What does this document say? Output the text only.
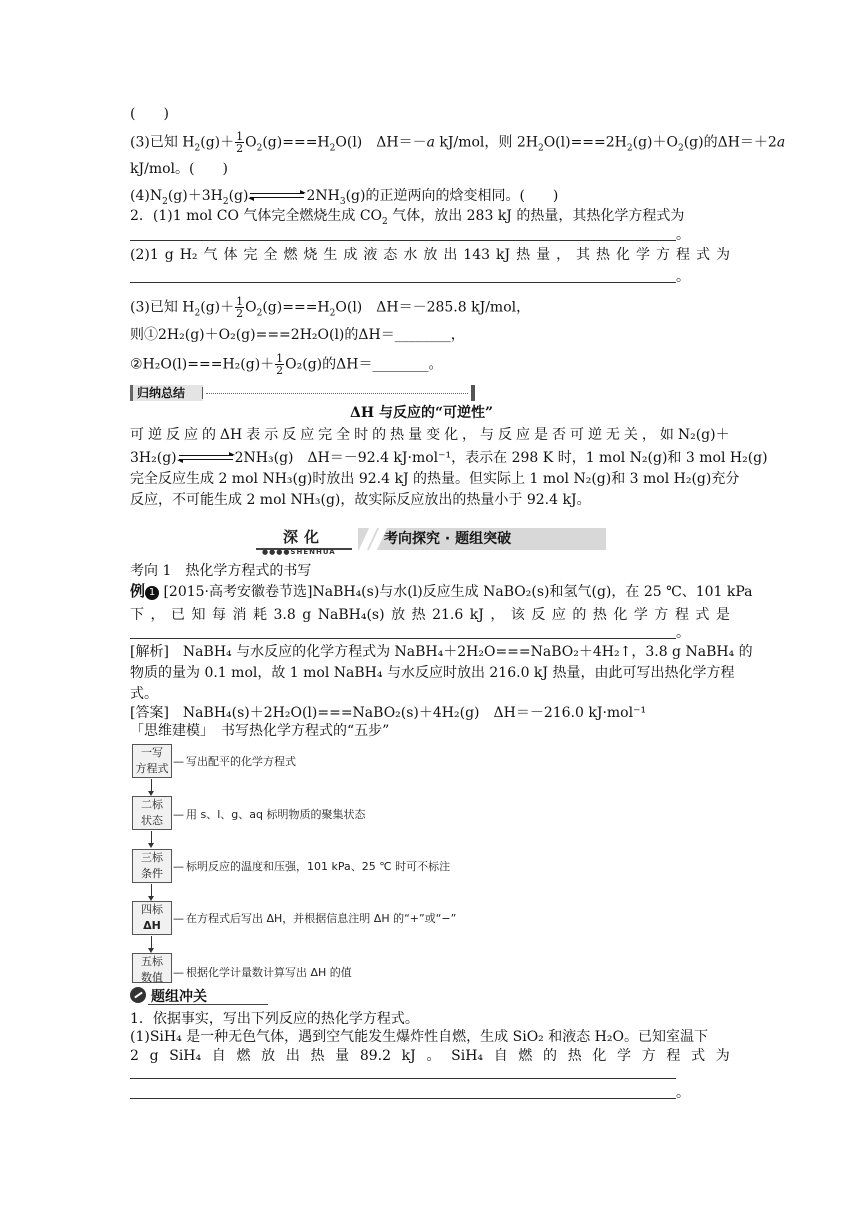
(　　)
(3)已知 $H_2(g)+ \frac{1}{2} O_2(g)===H_2O(l)$　ΔH＝－a kJ/mol，则 $2H_2O(l)===2H_2(g)+O_2(g)$的ΔH＝＋2a
kJ/mol。(　　)
$(4)N_2(g)+3H_2(g)$	$2NH_3(g)$的正逆两向的焓变相同。(　　)
2．(1)1 mol CO 气体完全燃烧生成 $CO_2$ 气体，放出 283 kJ 的热量，其热化学方程式为
。
(2)1 g H₂ 气 体 完 全 燃 烧 生 成 液 态 水 放 出 143 kJ 热 量 ， 其 热 化 学 方 程 式 为
。
(3)已知 $H_2(g)+ \frac{1}{2} O_2(g)===H_2O(l)$　ΔH＝－285.8 kJ/mol，
则①2H₂(g)＋O₂(g)===2H₂O(l)的ΔH＝________，
②H₂O(l)===H₂(g)＋ $\frac{1}{2} O_2(g)$的ΔH＝________。
归纳总结
ΔH 与反应的“可逆性”
可 逆 反 应 的 ΔH 表 示 反 应 完 全 时 的 热 量 变 化 ， 与 反 应 是 否 可 逆 无 关 ， 如 N₂(g)＋
3H₂(g)	2NH₃(g)　ΔH＝－92.4 kJ·mol⁻¹，表示在 298 K 时，1 mol N₂(g)和 3 mol H₂(g)
完全反应生成 2 mol NH₃(g)时放出 92.4 kJ 的热量。但实际上 1 mol N₂(g)和 3 mol H₂(g)充分
反应，不可能生成 2 mol NH₃(g)，故实际反应放出的热量小于 92.4 kJ。
深化
●●●●SHENHUA
考向探究 · 题组突破
考向 1　热化学方程式的书写
例 1 [2015·高考安徽卷节选]NaBH₄(s)与水(l)反应生成 NaBO₂(s)和氢气(g)，在 25 ℃、101 kPa
下 ， 已 知 每 消 耗 3.8 g NaBH₄(s) 放 热 21.6 kJ ， 该 反 应 的 热 化 学 方 程 式 是
。
[解析]　NaBH₄ 与水反应的化学方程式为 NaBH₄＋2H₂O===NaBO₂＋4H₂↑，3.8 g NaBH₄ 的
物质的量为 0.1 mol，故 1 mol NaBH₄ 与水反应时放出 216.0 kJ 热量，由此可写出热化学方程
式。
[答案]　NaBH₄(s)＋2H₂O(l)===NaBO₂(s)＋4H₂(g)　ΔH＝－216.0 kJ·mol⁻¹
「思维建模」　书写热化学方程式的“五步”
一写
方程式
— 写出配平的化学方程式
二标
状态	— 用 s、l、g、aq 标明物质的聚集状态
三标
条件
— 标明反应的温度和压强，101 kPa、25 ℃ 时可不标注
四标
ΔH
— 在方程式后写出 ΔH，并根据信息注明 ΔH 的“+”或“−”
五标
数值	— 根据化学计量数计算写出 ΔH 的值
题组冲关
1．依据事实，写出下列反应的热化学方程式。
(1)SiH₄ 是一种无色气体，遇到空气能发生爆炸性自燃，生成 SiO₂ 和液态 H₂O。已知室温下
2 g SiH₄ 自 燃 放 出 热 量 89.2 kJ 。 SiH₄ 自 燃 的 热 化 学 方 程 式 为
。
